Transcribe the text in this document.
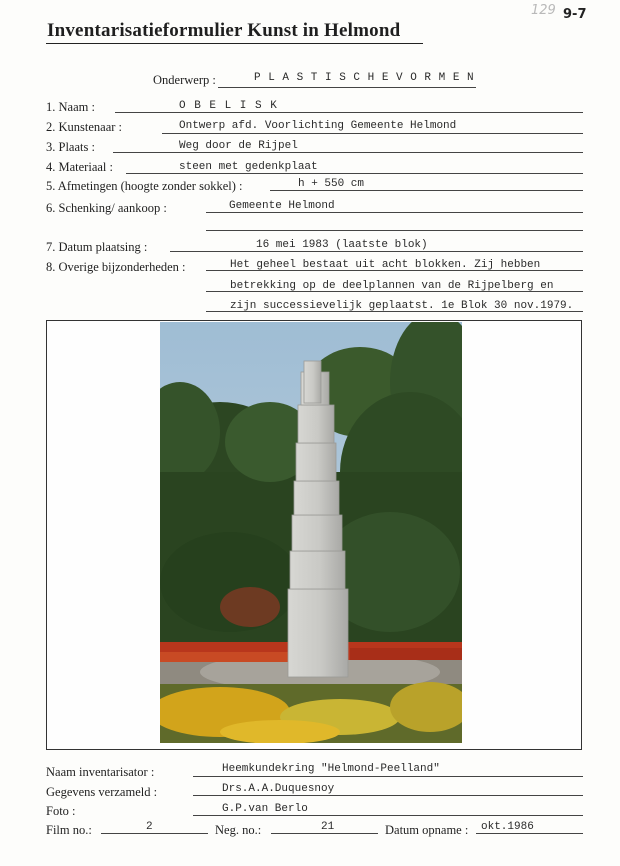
129 9-7
Inventarisatieformulier Kunst in Helmond
Onderwerp :	P L A S T I S C H E V O R M E N
1. Naam :	O B E L I S K
2. Kunstenaar :	Ontwerp afd. Voorlichting Gemeente Helmond
3. Plaats :	Weg door de Rijpel
4. Materiaal :	steen met gedenkplaat
5. Afmetingen (hoogte zonder sokkel) :	h + 550 cm
6. Schenking/ aankoop :	Gemeente Helmond
7. Datum plaatsing :	16 mei 1983 (laatste blok)
8. Overige bijzonderheden :	Het geheel bestaat uit acht blokken. Zij hebben
betrekking op de deelplannen van de Rijpelberg en
zijn successievelijk geplaatst. 1e Blok 30 nov.1979.
Naam inventarisator :	Heemkundekring "Helmond-Peelland"
Gegevens verzameld :	Drs.A.A.Duquesnoy
Foto :	G.P.van Berlo
Film no.:	2	Neg. no.:	21	Datum opname : okt.1986
